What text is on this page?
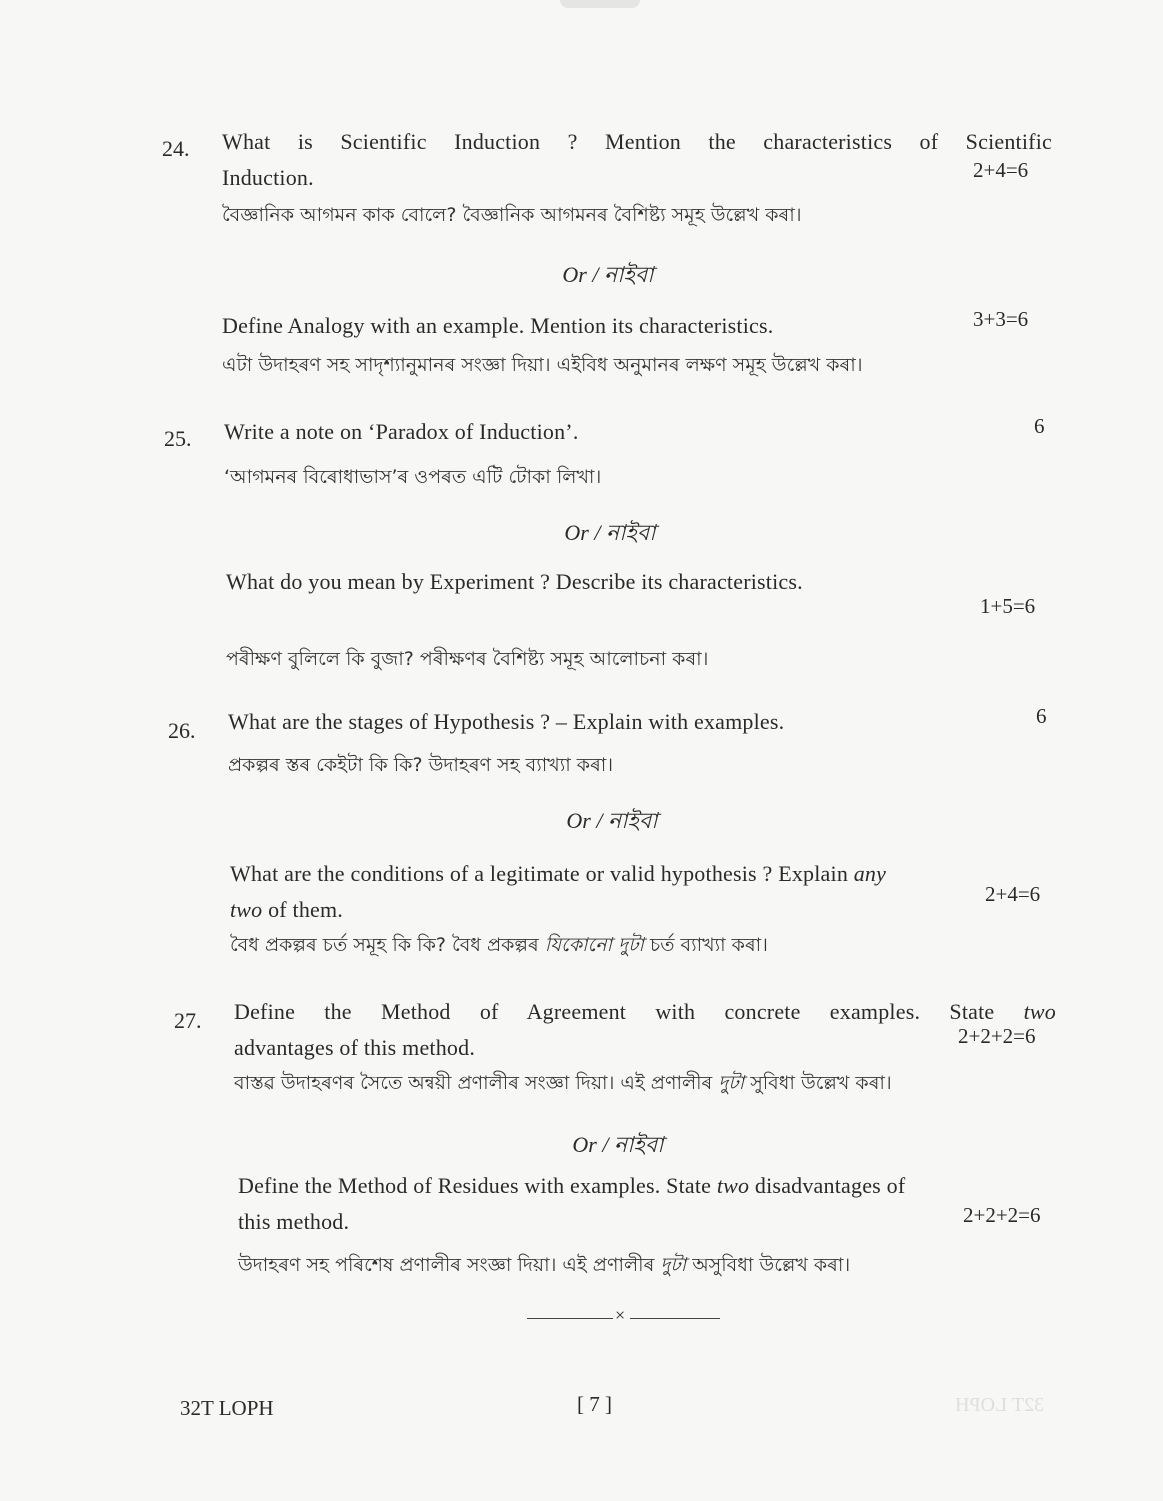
24. What is Scientific Induction ? Mention the characteristics of Scientific
Induction.	2+4=6
বৈজ্ঞানিক আগমন কাক বোলে? বৈজ্ঞানিক আগমনৰ বৈশিষ্ট্য সমূহ উল্লেখ কৰা।
Or / নাইবা
Define Analogy with an example. Mention its characteristics.	3+3=6
এটা উদাহৰণ সহ সাদৃশ্যানুমানৰ সংজ্ঞা দিয়া। এইবিধ অনুমানৰ লক্ষণ সমূহ উল্লেখ কৰা।
25. Write a note on ‘Paradox of Induction’.	6
‘আগমনৰ বিৰোধাভাস’ৰ ওপৰত এটি টোকা লিখা।
Or / নাইবা
What do you mean by Experiment ? Describe its characteristics.
1+5=6
পৰীক্ষণ বুলিলে কি বুজা? পৰীক্ষণৰ বৈশিষ্ট্য সমূহ আলোচনা কৰা।
26. What are the stages of Hypothesis ? – Explain with examples.	6
প্ৰকল্পৰ স্তৰ কেইটা কি কি? উদাহৰণ সহ ব্যাখ্যা কৰা।
Or / নাইবা
What are the conditions of a legitimate or valid hypothesis ? Explain any
two of them.
2+4=6
বৈধ প্ৰকল্পৰ চৰ্ত সমূহ কি কি? বৈধ প্ৰকল্পৰ যিকোনো দুটা চৰ্ত ব্যাখ্যা কৰা।
27. Define the Method of Agreement with concrete examples. State two
advantages of this method.	2+2+2=6
বাস্তৱ উদাহৰণৰ সৈতে অন্বয়ী প্ৰণালীৰ সংজ্ঞা দিয়া। এই প্ৰণালীৰ দুটা সুবিধা উল্লেখ কৰা।
Or / নাইবা
Define the Method of Residues with examples. State two disadvantages of
this method.	2+2+2=6
উদাহৰণ সহ পৰিশেষ প্ৰণালীৰ সংজ্ঞা দিয়া। এই প্ৰণালীৰ দুটা অসুবিধা উল্লেখ কৰা।
×
32T LOPH	[ 7 ]	32T LOPH
